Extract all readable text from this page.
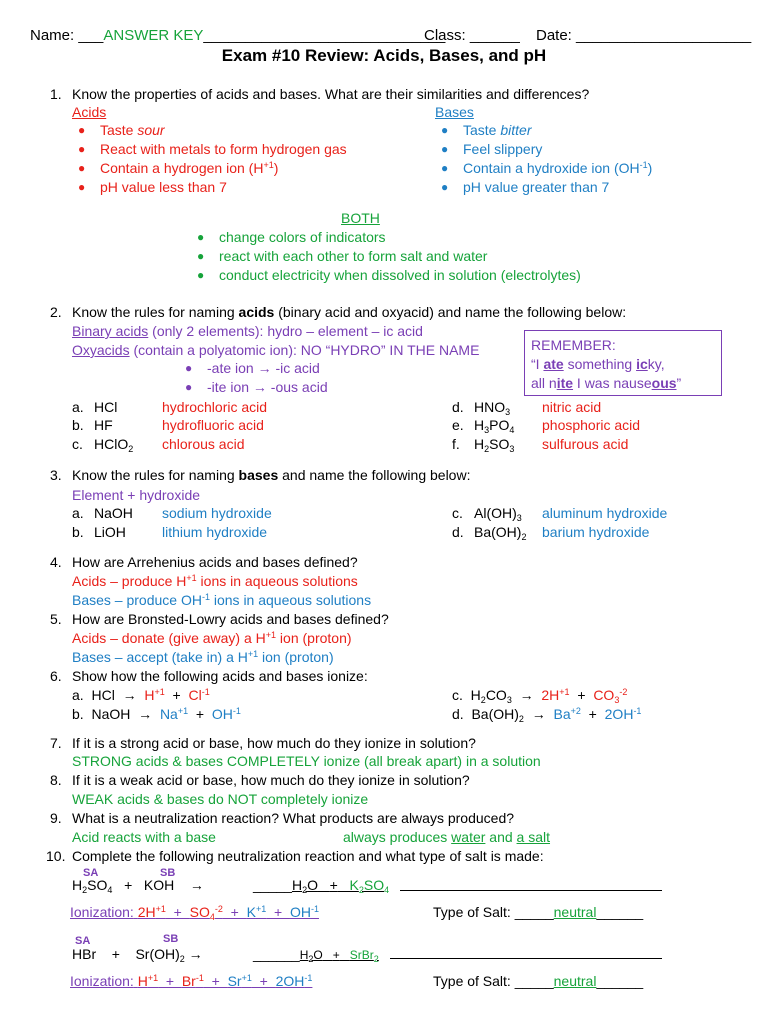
Name: ___ANSWER KEY_____________________________
Class: ______ Date: _____________________
Exam #10 Review: Acids, Bases, and pH
1. Know the properties of acids and bases. What are their similarities and differences?
Acids
● Taste sour
● React with metals to form hydrogen gas
● Contain a hydrogen ion $(H^{+1})$
● pH value less than 7
Bases
● Taste bitter
● Feel slippery
● Contain a hydroxide ion $(OH^{-1})$
● pH value greater than 7
BOTH
● change colors of indicators
● react with each other to form salt and water
● conduct electricity when dissolved in solution (electrolytes)
2. Know the rules for naming acids (binary acid and oxyacid) and name the following below:
Binary acids (only 2 elements): hydro – element – ic acid
Oxyacids (contain a polyatomic ion): NO “HYDRO” IN THE NAME
● -ate ion → -ic acid
● -ite ion → -ous acid
REMEMBER:
“I ate something icky,
all nite I was nauseous”
a. HCl	hydrochloric acid
b. HF	hydrofluoric acid
c. HClO$_2$ chlorous acid
d. $HNO_3$ nitric acid
e. $H_3PO_4$ phosphoric acid
f. $H_2SO_3$ sulfurous acid
3. Know the rules for naming bases and name the following below:
Element + hydroxide
a. NaOH sodium hydroxide
b. LiOH	lithium hydroxide
c. $Al(OH)_3$ aluminum hydroxide
d. $Ba(OH)_2$ barium hydroxide
4. How are Arrehenius acids and bases defined?
Acids – produce $H^{+1}$ ions in aqueous solutions
Bases – produce $OH^{-1}$ ions in aqueous solutions
5. How are Bronsted-Lowry acids and bases defined?
Acids – donate (give away) a $H^{+1}$ ion (proton)
Bases – accept (take in) a $H^{+1}$ ion (proton)
6. Show how the following acids and bases ionize:
a. HCl → $H^{+1} + Cl^{-1}$
b. NaOH → $Na^{+1} + OH^{-1}$
c. $H_2CO_3 \to 2H^{+1} + CO_3^{-2}$
d. $Ba(OH)_2 \to Ba^{+2} + 2OH^{-1}$
7. If it is a strong acid or base, how much do they ionize in solution?
STRONG acids & bases COMPLETELY ionize (all break apart) in a solution
8. If it is a weak acid or base, how much do they ionize in solution?
WEAK acids & bases do NOT completely ionize
9. What is a neutralization reaction? What products are always produced?
Acid reacts with a base	always produces water and a salt
10. Complete the following neutralization reaction and what type of salt is made:
SA	SB
$H_2SO_4$ + KOH →	$\_\_\_\_\_H_2O + K_2SO_4$
Ionization: $2H^{+1} + SO_4^{-2} + K^{+1} + OH^{-1}$	Type of Salt: _____neutral______
SA	SB
HBr + $Sr(OH)_2$ →	$\_\_\_\_\_\_H_2O$ + SrBr$_2$
Ionization: $H^{+1} + Br^{-1} + Sr^{+1} + 2OH^{-1}$	Type of Salt: _____neutral______
